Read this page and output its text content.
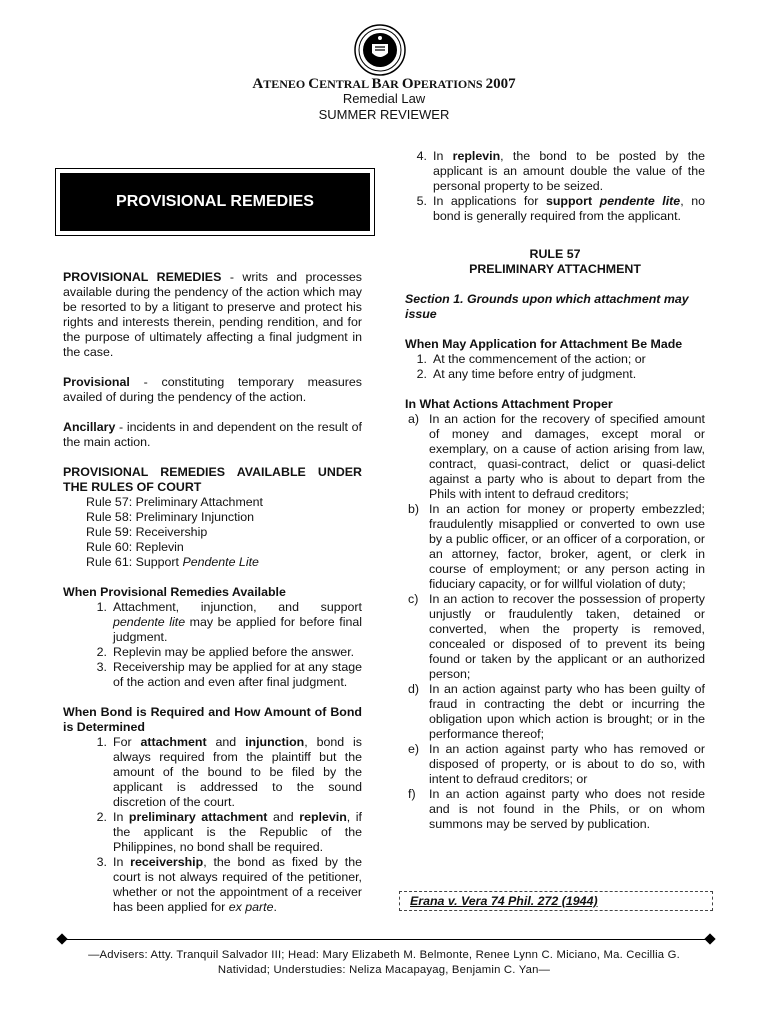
ATENEO CENTRAL BAR OPERATIONS 2007
Remedial Law
SUMMER REVIEWER
PROVISIONAL REMEDIES

PROVISIONAL REMEDIES - writs and processes available during the pendency of the action which may be resorted to by a litigant to preserve and protect his rights and interests therein, pending rendition, and for the purpose of ultimately affecting a final judgment in the case.

Provisional - constituting temporary measures availed of during the pendency of the action.

Ancillary - incidents in and dependent on the result of the main action.

PROVISIONAL REMEDIES AVAILABLE UNDER THE RULES OF COURT

Rule 57: Preliminary Attachment

Rule 58: Preliminary Injunction

Rule 59: Receivership

Rule 60: Replevin

Rule 61: Support Pendente Lite

When Provisional Remedies Available

1. Attachment, injunction, and support pendente lite may be applied for before final judgment.
2. Replevin may be applied before the answer.
3. Receivership may be applied for at any stage of the action and even after final judgment.

When Bond is Required and How Amount of Bond is Determined

1. For attachment and injunction, bond is always required from the plaintiff but the amount of the bound to be filed by the applicant is addressed to the sound discretion of the court.
2. In preliminary attachment and replevin, if the applicant is the Republic of the Philippines, no bond shall be required.
3. In receivership, the bond as fixed by the court is not always required of the petitioner, whether or not the appointment of a receiver has been applied for ex parte.
4. In replevin, the bond to be posted by the applicant is an amount double the value of the personal property to be seized.
5. In applications for support pendente lite, no bond is generally required from the applicant.

RULE 57

PRELIMINARY ATTACHMENT

Section 1. Grounds upon which attachment may issue

When May Application for Attachment Be Made

1. At the commencement of the action; or
2. At any time before entry of judgment.

In What Actions Attachment Proper

a) In an action for the recovery of specified amount of money and damages, except moral or exemplary, on a cause of action arising from law, contract, quasi-contract, delict or quasi-delict against a party who is about to depart from the Phils with intent to defraud creditors;
b) In an action for money or property embezzled; fraudulently misapplied or converted to own use by a public officer, or an officer of a corporation, or an attorney, factor, broker, agent, or clerk in course of employment; or any person acting in fiduciary capacity, or for willful violation of duty;
c) In an action to recover the possession of property unjustly or fraudulently taken, detained or converted, when the property is removed, concealed or disposed of to prevent its being found or taken by the applicant or an authorized person;
d) In an action against party who has been guilty of fraud in contracting the debt or incurring the obligation upon which action is brought; or in the performance thereof;
e) In an action against party who has removed or disposed of property, or is about to do so, with intent to defraud creditors; or
f)	In an action against party who does not reside and is not found in the Phils, or on whom summons may be served by publication.
Erana v. Vera 74 Phil. 272 (1944)
—Advisers: Atty. Tranquil Salvador III; Head: Mary Elizabeth M. Belmonte, Renee Lynn C. Miciano, Ma. Cecillia G.
Natividad; Understudies: Neliza Macapayag, Benjamin C. Yan—
